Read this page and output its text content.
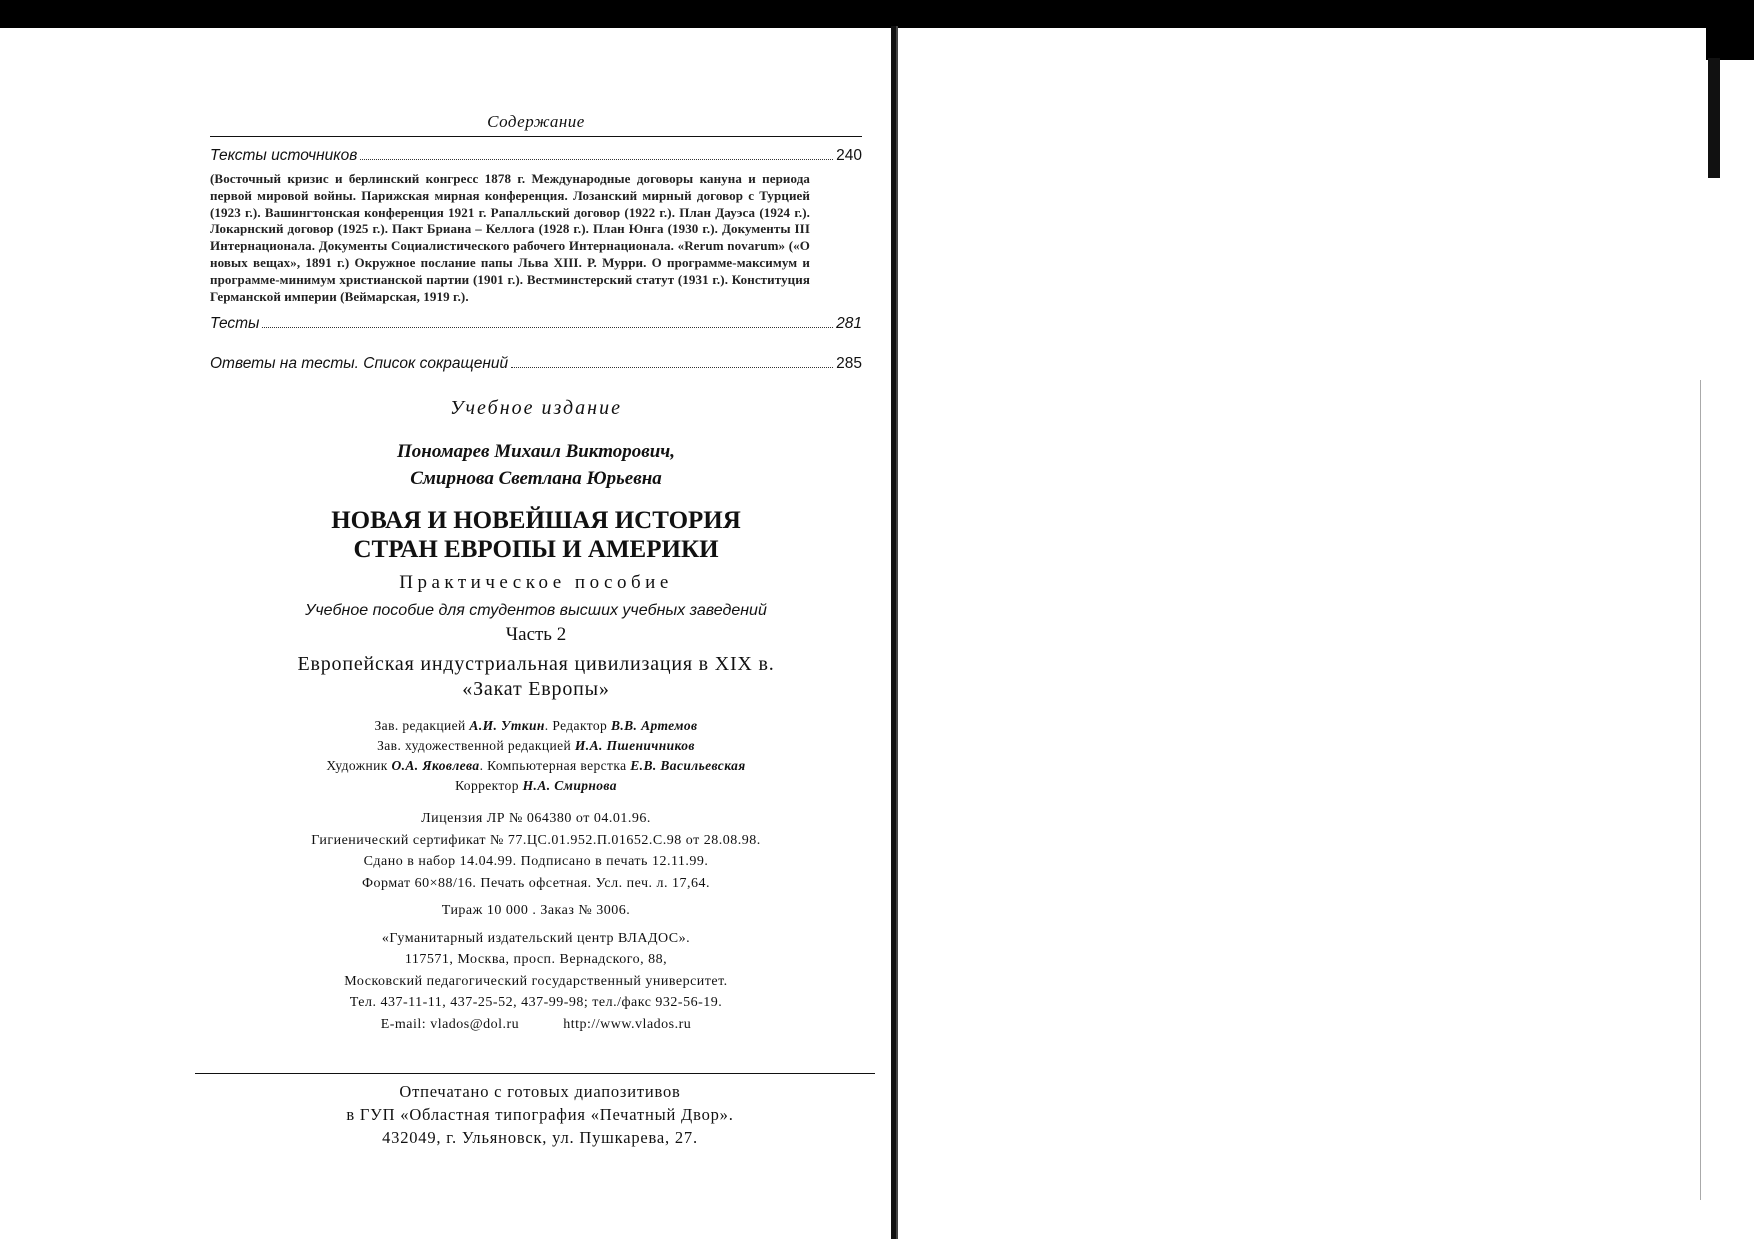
Содержание
Тексты источников	240
(Восточный кризис и берлинский конгресс 1878 г. Международные договоры кануна и периода первой мировой войны. Парижская мирная конференция. Лозанский мирный договор с Турцией (1923 г.). Вашингтонская конференция 1921 г. Рапалльский договор (1922 г.). План Дауэса (1924 г.). Локарнский договор (1925 г.). Пакт Бриана – Келлога (1928 г.). План Юнга (1930 г.). Документы III Интернационала. Документы Социалистического рабочего Интернационала. «Rerum novarum» («О новых вещах», 1891 г.) Окружное послание папы Льва XIII. Р. Мурри. О программе-максимум и программе-минимум христианской партии (1901 г.). Вестминстерский статут (1931 г.). Конституция Германской империи (Веймарская, 1919 г.).
Тесты	281
Ответы на тесты. Список сокращений	285
Учебное издание
Пономарев Михаил Викторович,
Смирнова Светлана Юрьевна
НОВАЯ И НОВЕЙШАЯ ИСТОРИЯ
СТРАН ЕВРОПЫ И АМЕРИКИ
Практическое пособие
Учебное пособие для студентов высших учебных заведений
Часть 2
Европейская индустриальная цивилизация в XIX в.
«Закат Европы»
Зав. редакцией А.И. Уткин. Редактор В.В. Артемов
Зав. художественной редакцией И.А. Пшеничников
Художник О.А. Яковлева. Компьютерная верстка Е.В. Васильевская
Корректор Н.А. Смирнова
Лицензия ЛР № 064380 от 04.01.96.
Гигиенический сертификат № 77.ЦС.01.952.П.01652.С.98 от 28.08.98.
Сдано в набор 14.04.99. Подписано в печать 12.11.99.
Формат 60×88/16. Печать офсетная. Усл. печ. л. 17,64.
Тираж 10 000 . Заказ № 3006.
«Гуманитарный издательский центр ВЛАДОС».
117571, Москва, просп. Вернадского, 88,
Московский педагогический государственный университет.
Тел. 437-11-11, 437-25-52, 437-99-98; тел./факс 932-56-19.
E-mail: vlados@dol.ru	http://www.vlados.ru
Отпечатано с готовых диапозитивов
в ГУП «Областная типография «Печатный Двор».
432049, г. Ульяновск, ул. Пушкарева, 27.
